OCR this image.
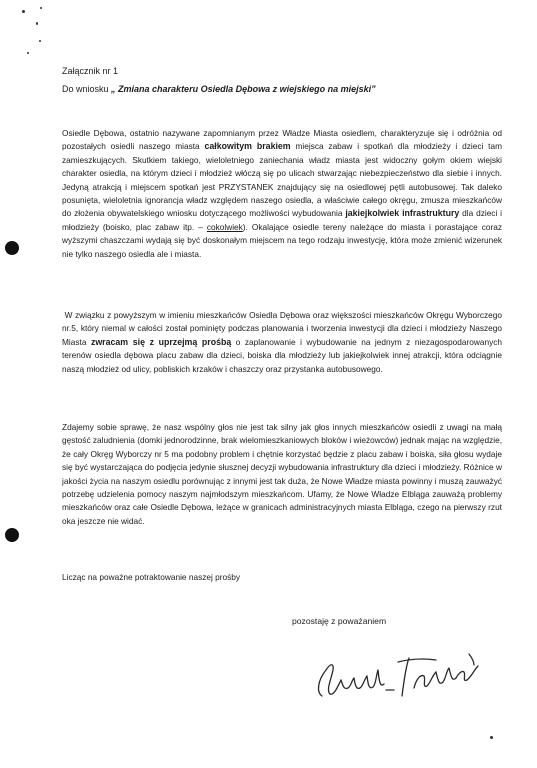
Załącznik nr 1
Do wniosku „ Zmiana charakteru Osiedla Dębowa z wiejskiego na miejski”

Osiedle Dębowa, ostatnio nazywane zapomnianym przez Władze Miasta osiedlem, charakteryzuje się i odróżnia od pozostałych osiedli naszego miasta całkowitym brakiem miejsca zabaw i spotkań dla młodzieży i dzieci tam zamieszkujących. Skutkiem takiego, wieloletniego zaniechania władz miasta jest widoczny gołym okiem wiejski charakter osiedla, na którym dzieci i młodzież włóczą się po ulicach stwarzając niebezpieczeństwo dla siebie i innych. Jedyną atrakcją i miejscem spotkań jest PRZYSTANEK znajdujący się na osiedlowej pętli autobusowej. Tak daleko posunięta, wieloletnia ignorancja władz względem naszego osiedla, a właściwie całego okręgu, zmusza mieszkańców do złożenia obywatelskiego wniosku dotyczącego możliwości wybudowania jakiejkolwiek infrastruktury dla dzieci i młodzieży (boisko, plac zabaw itp. – cokolwiek). Okalające osiedle tereny należące do miasta i porastające coraz wyższymi chaszczami wydają się być doskonałym miejscem na tego rodzaju inwestycję, która może zmienić wizerunek nie tylko naszego osiedla ale i miasta.

W związku z powyższym w imieniu mieszkańców Osiedla Dębowa oraz większości mieszkańców Okręgu Wyborczego nr.5, który niemal w całości został pominięty podczas planowania i tworzenia inwestycji dla dzieci i młodzieży Naszego Miasta zwracam się z uprzejmą prośbą o zaplanowanie i wybudowanie na jednym z niezagospodarowanych terenów osiedla dębowa placu zabaw dla dzieci, boiska dla młodzieży lub jakiejkolwiek innej atrakcji, która odciągnie naszą młodzież od ulicy, pobliskich krzaków i chaszczy oraz przystanka autobusowego.

Zdajemy sobie sprawę, że nasz wspólny głos nie jest tak silny jak głos innych mieszkańców osiedli z uwagi na małą gęstość zaludnienia (domki jednorodzinne, brak wielomieszkaniowych bloków i wieżowców) jednak mając na względzie, że cały Okręg Wyborczy nr 5 ma podobny problem i chętnie korzystać będzie z placu zabaw i boiska, siła głosu wydaje się być wystarczająca do podjęcia jedynie słusznej decyzji wybudowania infrastruktury dla dzieci i młodzieży. Różnice w jakości życia na naszym osiedlu porównując z innymi jest tak duża, że Nowe Władze miasta powinny i muszą zauważyć potrzebę udzielenia pomocy naszym najmłodszym mieszkańcom. Ufamy, że Nowe Władze Elbląga zauważą problemy mieszkańców oraz całe Osiedle Dębowa, leżące w granicach administracyjnych miasta Elbląga, czego na pierwszy rzut oka jeszcze nie widać.

Licząc na poważne potraktowanie naszej prośby

pozostaję z poważaniem
